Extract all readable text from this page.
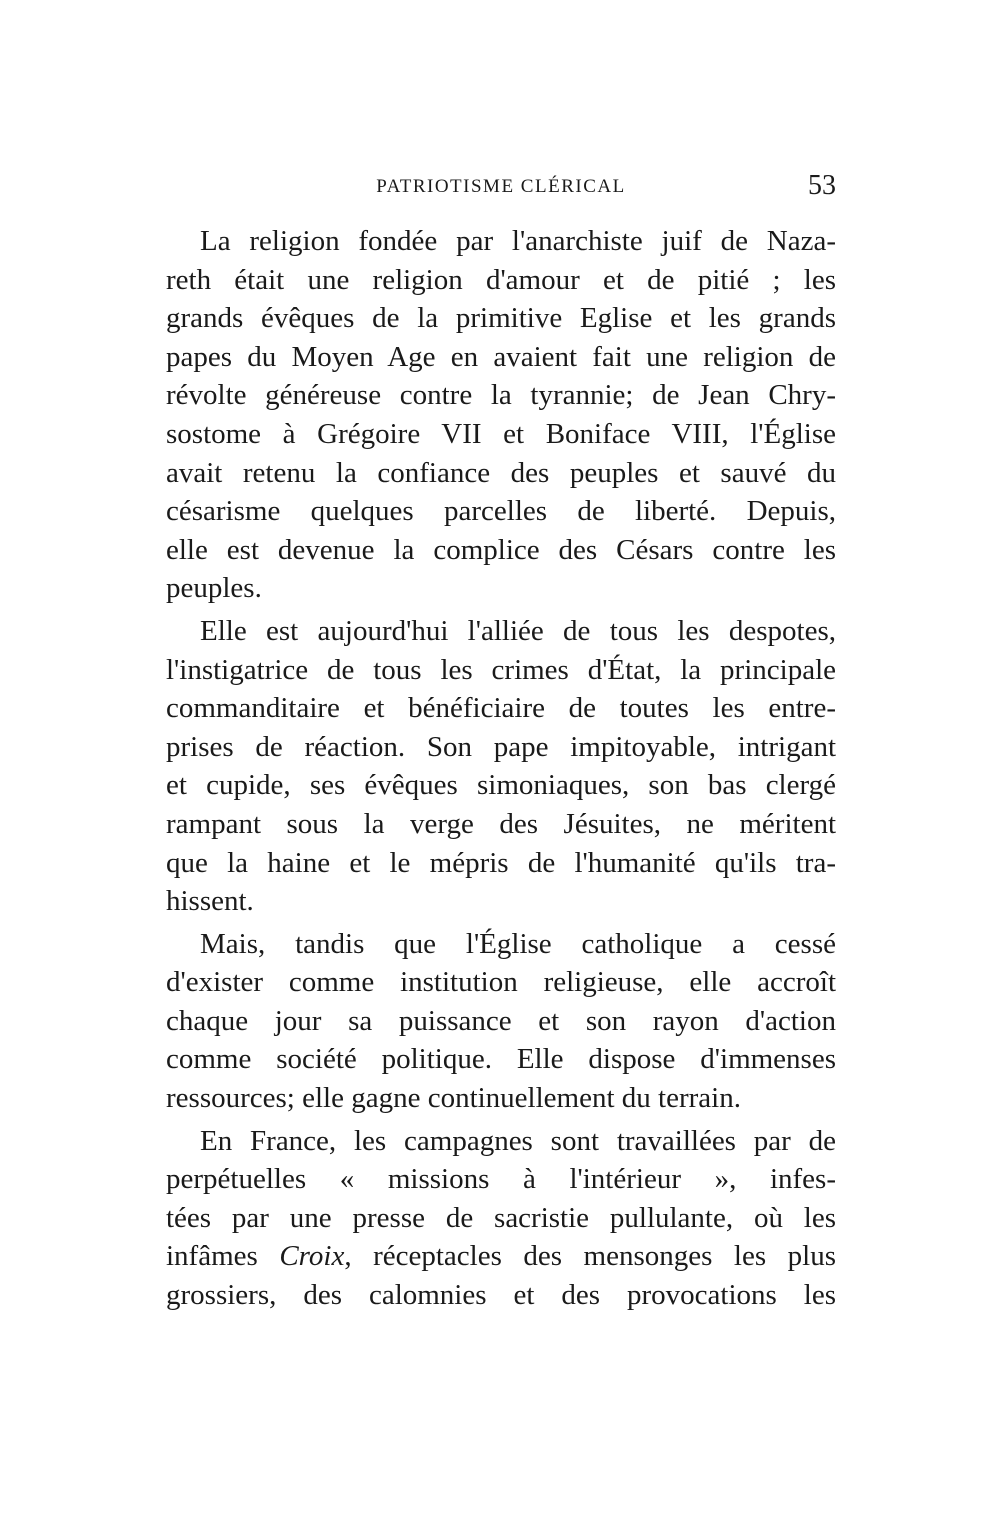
PATRIOTISME CLÉRICAL	53
La religion fondée par l'anarchiste juif de Naza-
reth était une religion d'amour et de pitié ; les
grands évêques de la primitive Eglise et les grands
papes du Moyen Age en avaient fait une religion de
révolte généreuse contre la tyrannie; de Jean Chry-
sostome à Grégoire VII et Boniface VIII, l'Église
avait retenu la confiance des peuples et sauvé du
césarisme quelques parcelles de liberté. Depuis,
elle est devenue la complice des Césars contre les
peuples.
Elle est aujourd'hui l'alliée de tous les despotes,
l'instigatrice de tous les crimes d'État, la principale
commanditaire et bénéficiaire de toutes les entre-
prises de réaction. Son pape impitoyable, intrigant
et cupide, ses évêques simoniaques, son bas clergé
rampant sous la verge des Jésuites, ne méritent
que la haine et le mépris de l'humanité qu'ils tra-
hissent.
Mais, tandis que l'Église catholique a cessé
d'exister comme institution religieuse, elle accroît
chaque jour sa puissance et son rayon d'action
comme société politique. Elle dispose d'immenses
ressources; elle gagne continuellement du terrain.
En France, les campagnes sont travaillées par de
perpétuelles « missions à l'intérieur », infes-
tées par une presse de sacristie pullulante, où les
infâmes Croix, réceptacles des mensonges les plus
grossiers, des calomnies et des provocations les
